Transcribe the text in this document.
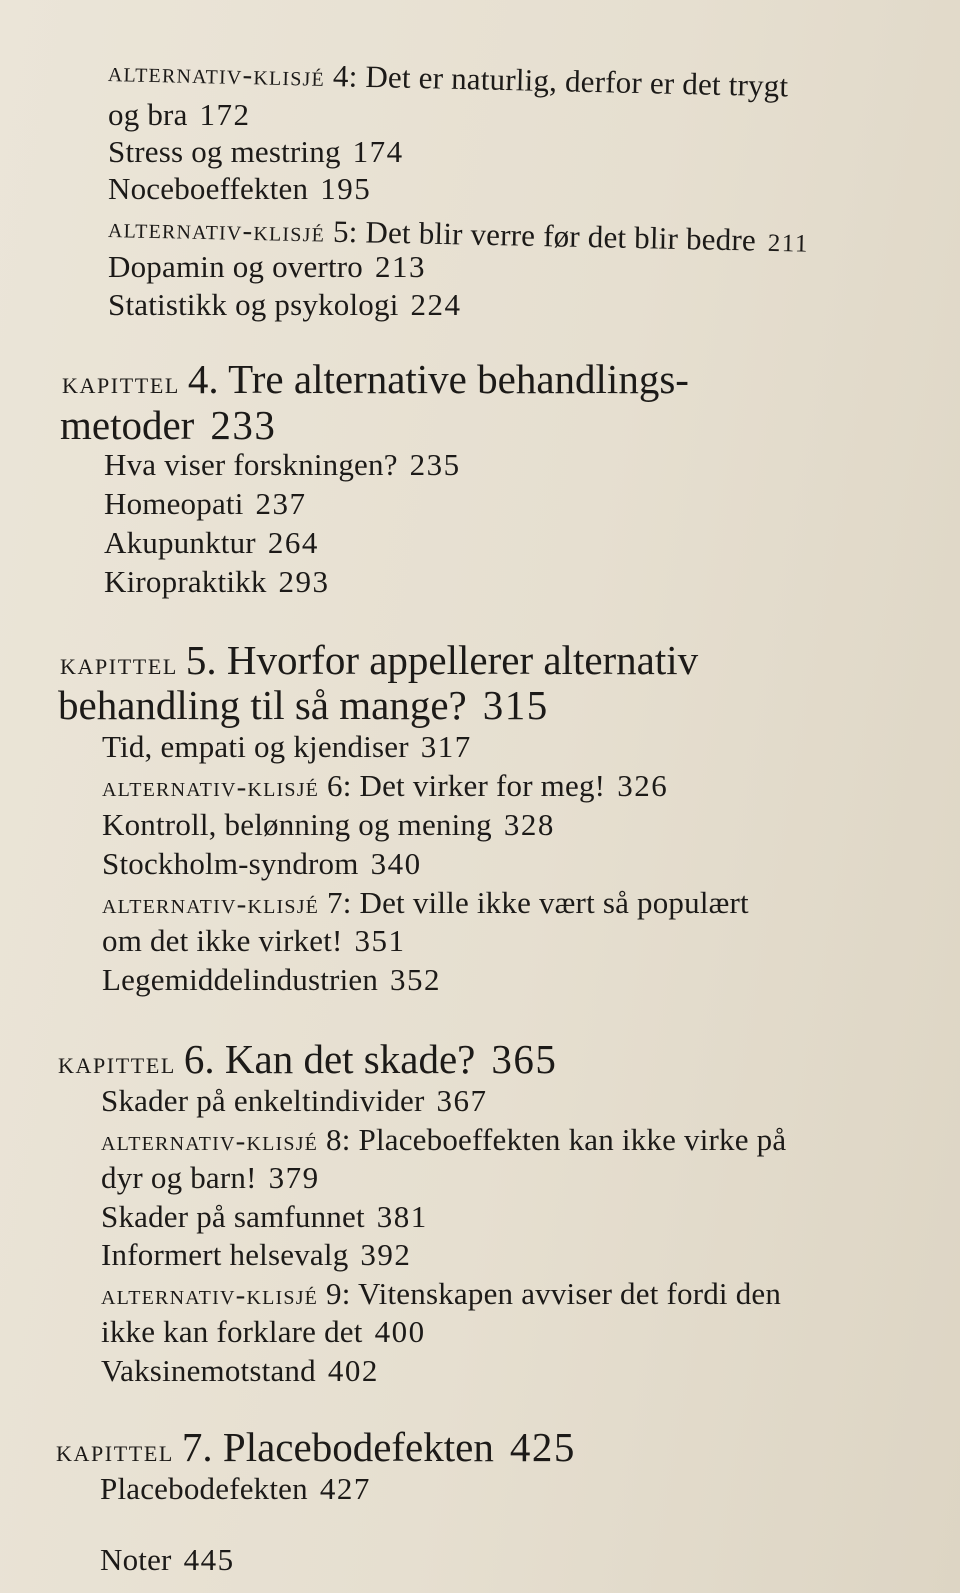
alternativ-klisjé 4: Det er naturlig, derfor er det trygt
og bra 172
Stress og mestring 174
Noceboeffekten 195
alternativ-klisjé 5: Det blir verre før det blir bedre 211
Dopamin og overtro 213
Statistikk og psykologi 224
kapittel 4. Tre alternative behandlings-
metoder 233
Hva viser forskningen? 235
Homeopati 237
Akupunktur 264
Kiropraktikk 293
kapittel 5. Hvorfor appellerer alternativ
behandling til så mange? 315
Tid, empati og kjendiser 317
alternativ-klisjé 6: Det virker for meg! 326
Kontroll, belønning og mening 328
Stockholm-syndrom 340
alternativ-klisjé 7: Det ville ikke vært så populært
om det ikke virket! 351
Legemiddelindustrien 352
kapittel 6. Kan det skade? 365
Skader på enkeltindivider 367
alternativ-klisjé 8: Placeboeffekten kan ikke virke på
dyr og barn! 379
Skader på samfunnet 381
Informert helsevalg 392
alternativ-klisjé 9: Vitenskapen avviser det fordi den
ikke kan forklare det 400
Vaksinemotstand 402
kapittel 7. Placebodefekten 425
Placebodefekten 427
Noter 445
